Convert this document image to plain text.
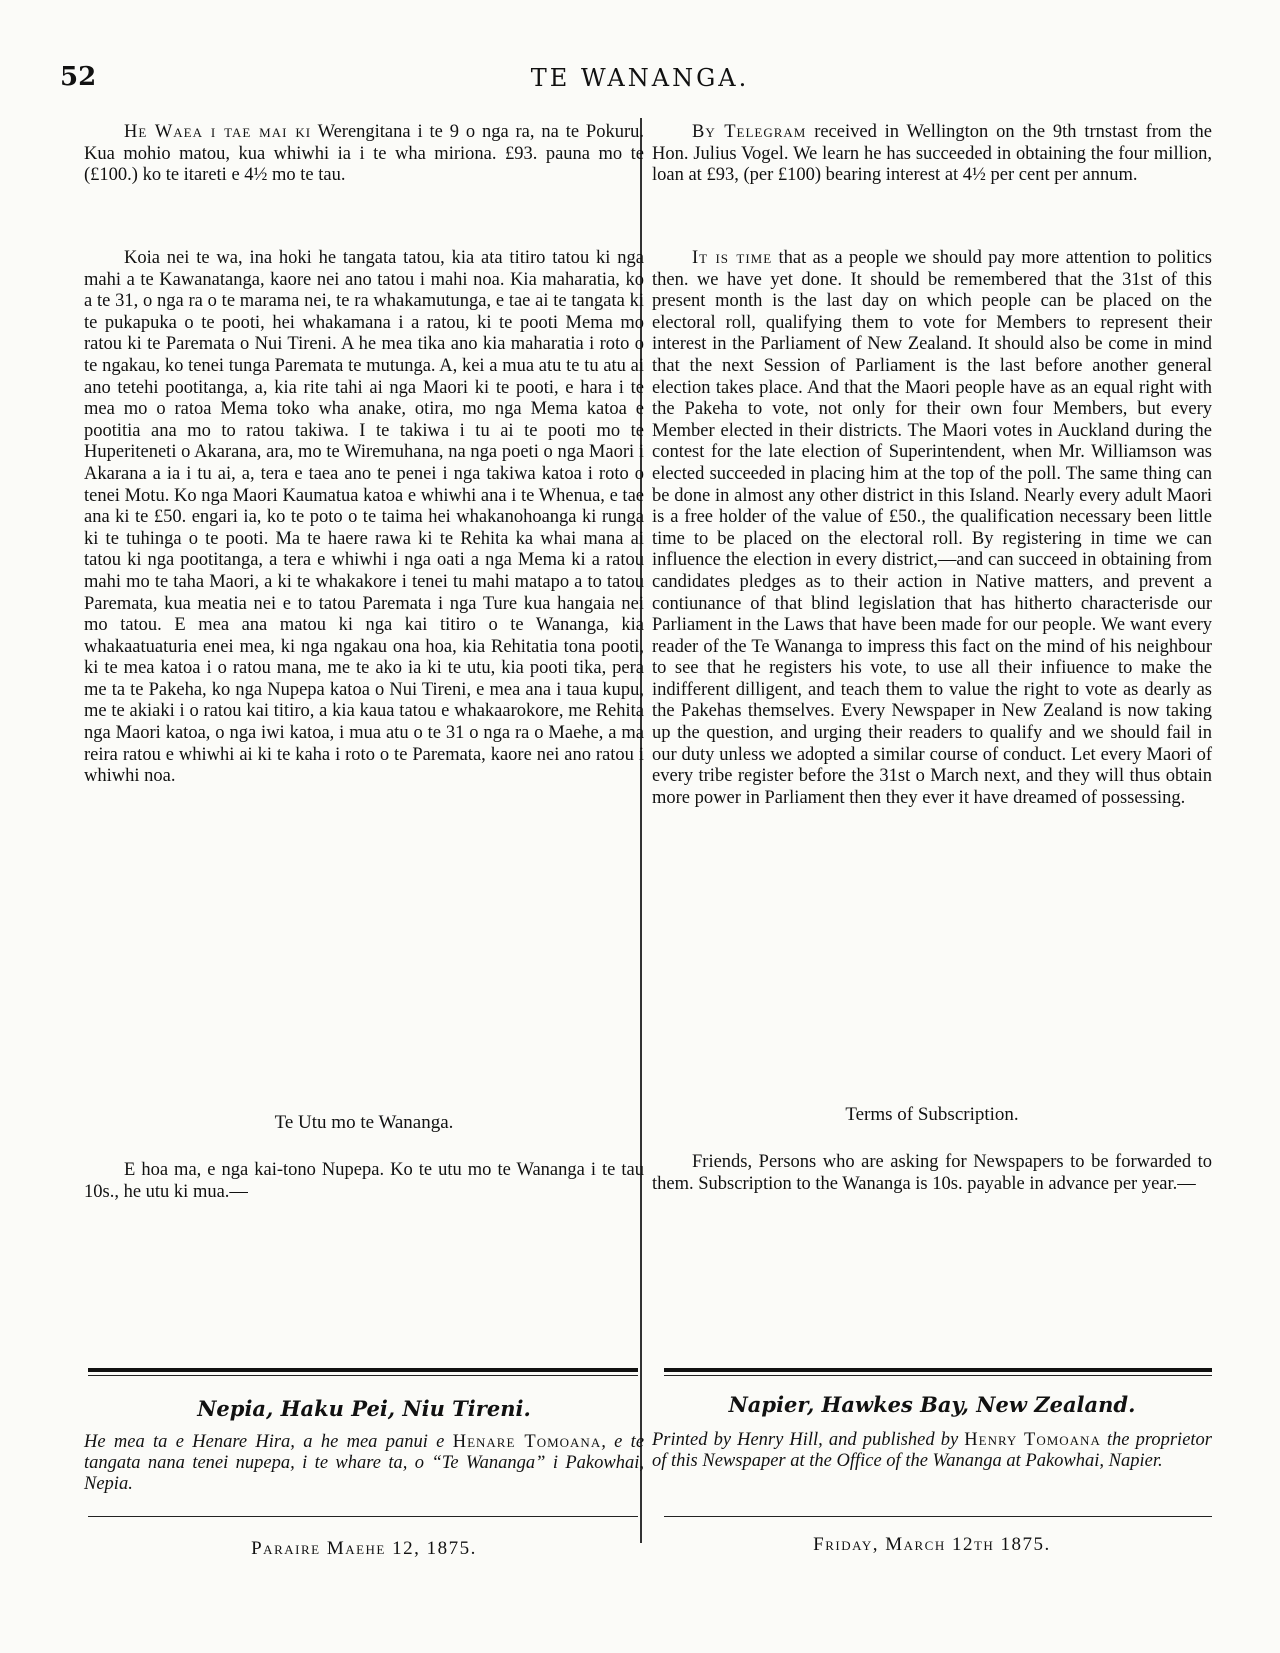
52	TE WANANGA.

He Waea i tae mai ki Werengitana i te 9 o nga ra, na te Pokuru. Kua mohio matou, kua whiwhi ia i te wha miriona. £93. pauna mo te (£100.) ko te itareti e 4½ mo te tau.

Koia nei te wa, ina hoki he tangata tatou, kia ata titiro tatou ki nga mahi a te Kawanatanga, kaore nei ano tatou i mahi noa. Kia maharatia, ko a te 31, o nga ra o te marama nei, te ra whakamutunga, e tae ai te tangata ki te pukapuka o te pooti, hei whakamana i a ratou, ki te pooti Mema mo ratou ki te Paremata o Nui Tireni. A he mea tika ano kia maharatia i roto o te ngakau, ko tenei tunga Paremata te mutunga. A, kei a mua atu te tu atu ai ano tetehi pootitanga, a, kia rite tahi ai nga Maori ki te pooti, e hara i te mea mo o ratoa Mema toko wha anake, otira, mo nga Mema katoa e pootitia ana mo to ratou takiwa. I te takiwa i tu ai te pooti mo te Huperiteneti o Akarana, ara, mo te Wiremuhana, na nga poeti o nga Maori i Akarana a ia i tu ai, a, tera e taea ano te penei i nga takiwa katoa i roto o tenei Motu. Ko nga Maori Kaumatua katoa e whiwhi ana i te Whenua, e tae ana ki te £50. engari ia, ko te poto o te taima hei whakanohoanga ki runga ki te tuhinga o te pooti. Ma te haere rawa ki te Rehita ka whai mana ai tatou ki nga pootitanga, a tera e whiwhi i nga oati a nga Mema ki a ratou mahi mo te taha Maori, a ki te whakakore i tenei tu mahi matapo a to tatou Paremata, kua meatia nei e to tatou Paremata i nga Ture kua hangaia nei mo tatou. E mea ana matou ki nga kai titiro o te Wananga, kia whakaatuaturia enei mea, ki nga ngakau ona hoa, kia Rehitatia tona pooti, ki te mea katoa i o ratou mana, me te ako ia ki te utu, kia pooti tika, pera me ta te Pakeha, ko nga Nupepa katoa o Nui Tireni, e mea ana i taua kupu, me te akiaki i o ratou kai titiro, a kia kaua tatou e whakaarokore, me Rehita nga Maori katoa, o nga iwi katoa, i mua atu o te 31 o nga ra o Maehe, a ma reira ratou e whiwhi ai ki te kaha i roto o te Paremata, kaore nei ano ratou i whiwhi noa.

Te Utu mo te Wananga.

E hoa ma, e nga kai-tono Nupepa. Ko te utu mo te Wananga i te tau 10s., he utu ki mua.—

Nepia, Haku Pei, Niu Tireni.
He mea ta e Henare Hira, a he mea panui e Henare Tomoana, e te tangata nana tenei nupepa, i te whare ta, o “Te Wananga” i Pakowhai, Nepia.
Paraire Maehe 12, 1875.

By Telegram received in Wellington on the 9th trnstast from the Hon. Julius Vogel. We learn he has succeeded in obtaining the four million, loan at £93, (per £100) bearing interest at 4½ per cent per annum.

It is time that as a people we should pay more attention to politics then. we have yet done. It should be remembered that the 31st of this present month is the last day on which people can be placed on the electoral roll, qualifying them to vote for Members to represent their interest in the Parliament of New Zealand. It should also be come in mind that the next Session of Parliament is the last before another general election takes place. And that the Maori people have as an equal right with the Pakeha to vote, not only for their own four Members, but every Member elected in their districts. The Maori votes in Auckland during the contest for the late election of Superintendent, when Mr. Williamson was elected succeeded in placing him at the top of the poll. The same thing can be done in almost any other district in this Island. Nearly every adult Maori is a free holder of the value of £50., the qualification necessary been little time to be placed on the electoral roll. By registering in time we can influence the election in every district,—and can succeed in obtaining from candidates pledges as to their action in Native matters, and prevent a contiunance of that blind legislation that has hitherto characterisde our Parliament in the Laws that have been made for our people. We want every reader of the Te Wananga to impress this fact on the mind of his neighbour to see that he registers his vote, to use all their infiuence to make the indifferent dilligent, and teach them to value the right to vote as dearly as the Pakehas themselves. Every Newspaper in New Zealand is now taking up the question, and urging their readers to qualify and we should fail in our duty unless we adopted a similar course of conduct. Let every Maori of every tribe register before the 31st o March next, and they will thus obtain more power in Parliament then they ever it have dreamed of possessing.

Terms of Subscription.

Friends, Persons who are asking for Newspapers to be forwarded to them. Subscription to the Wananga is 10s. payable in advance per year.—

Napier, Hawkes Bay, New Zealand.
Printed by Henry Hill, and published by Henry Tomoana the proprietor of this Newspaper at the Office of the Wananga at Pakowhai, Napier.
Friday, March 12th 1875.
